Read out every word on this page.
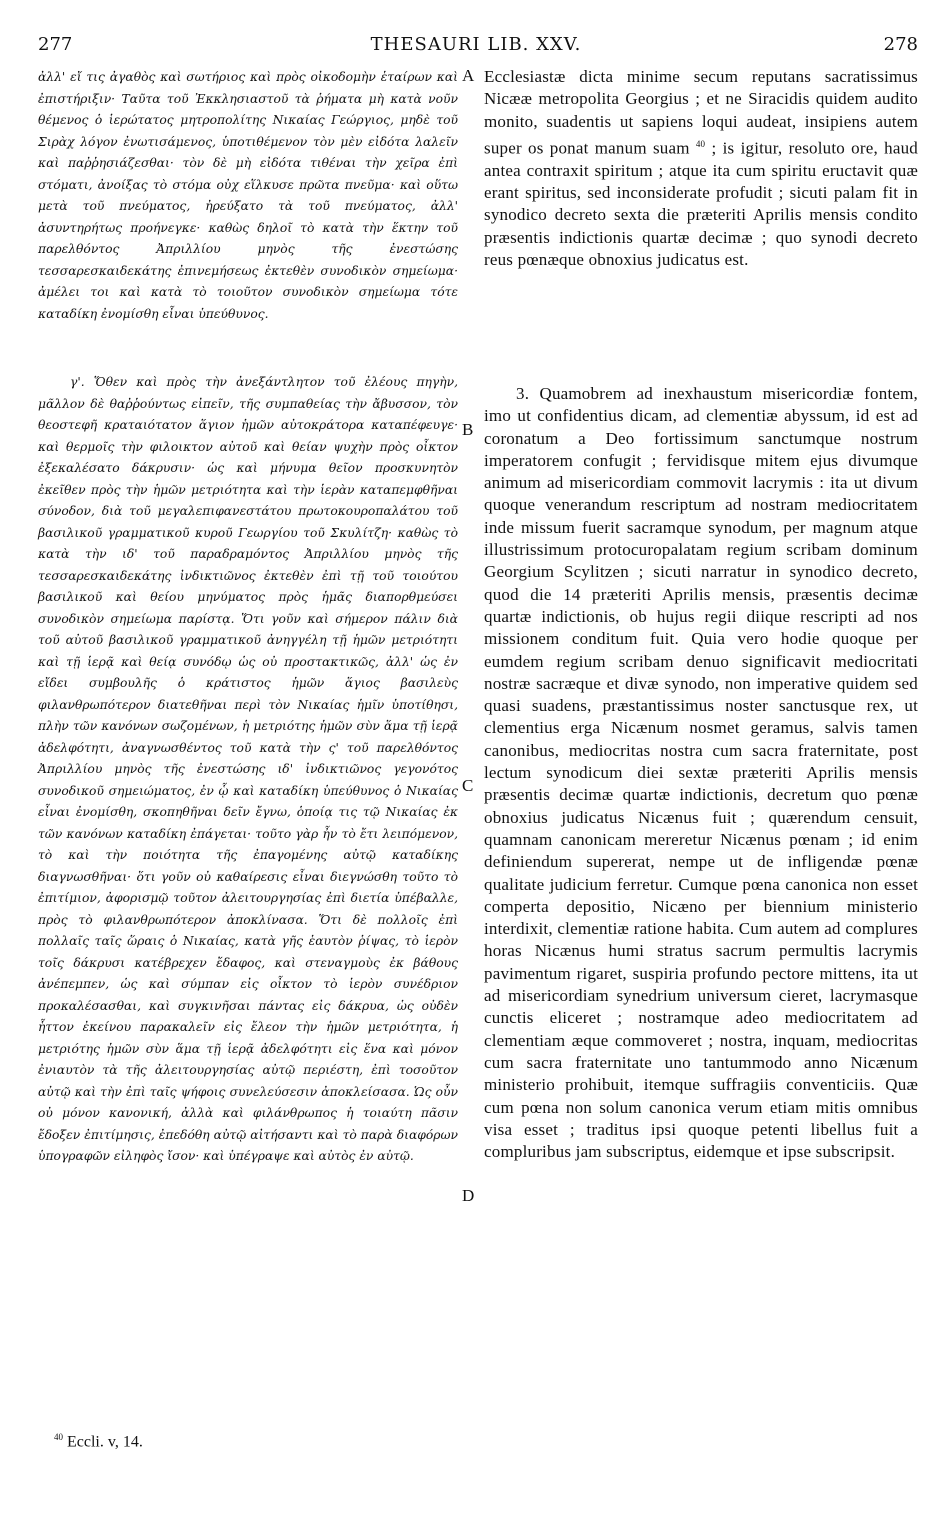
277	THESAURI LIB. XXV.	278
ἀλλ' εἴ τις ἀγαθὸς καὶ σωτήριος καὶ πρὸς οἰκοδομὴν ἑταίρων καὶ ἐπιστήριξιν· Ταῦτα τοῦ Ἐκκλησιαστοῦ τὰ ῥήματα μὴ κατὰ νοῦν θέμενος ὁ ἱερώτατος μητροπολίτης Νικαίας Γεώργιος, μηδὲ τοῦ Σιρὰχ λόγον ἐνωτισάμενος, ὑποτιθέμενον τὸν μὲν εἰδότα λαλεῖν καὶ παῤῥησιάζεσθαι· τὸν δὲ μὴ εἰδότα τιθέναι τὴν χεῖρα ἐπὶ στόματι, ἀνοίξας τὸ στόμα οὐχ εἵλκυσε πρῶτα πνεῦμα· καὶ οὕτω μετὰ τοῦ πνεύματος, ἠρεύξατο τὰ τοῦ πνεύματος, ἀλλ' ἀσυντηρήτως προήνεγκε· καθὼς δηλοῖ τὸ κατὰ τὴν ἕκτην τοῦ παρελθόντος Ἀπριλλίου μηνὸς τῆς ἐνεστώσης τεσσαρεσκαιδεκάτης ἐπινεμήσεως ἐκτεθὲν συνοδικὸν σημείωμα· ἀμέλει τοι καὶ κατὰ τὸ τοιοῦτον συνοδικὸν σημείωμα τότε καταδίκη ἐνομίσθη εἶναι ὑπεύθυνος.
γ'. Ὅθεν καὶ πρὸς τὴν ἀνεξάντλητον τοῦ ἐλέους πηγὴν, μᾶλλον δὲ θαῤῥούντως εἰπεῖν, τῆς συμπαθείας τὴν ἄβυσσον, τὸν θεοστεφῆ κραταιότατον ἅγιον ἡμῶν αὐτοκράτορα καταπέφευγε· καὶ θερμοῖς τὴν φιλοικτον αὐτοῦ καὶ θείαν ψυχὴν πρὸς οἶκτον ἐξεκαλέσατο δάκρυσιν· ὡς καὶ μήνυμα θεῖον προσκυνητὸν ἐκεῖθεν πρὸς τὴν ἡμῶν μετριότητα καὶ τὴν ἱερὰν καταπεμφθῆναι σύνοδον, διὰ τοῦ μεγαλεπιφανεστάτου πρωτοκουροπαλάτου τοῦ βασιλικοῦ γραμματικοῦ κυροῦ Γεωργίου τοῦ Σκυλίτζη· καθὼς τὸ κατὰ τὴν ιδ' τοῦ παραδραμόντος Ἀπριλλίου μηνὸς τῆς τεσσαρεσκαιδεκάτης ἰνδικτιῶνος ἐκτεθὲν ἐπὶ τῇ τοῦ τοιούτου βασιλικοῦ καὶ θείου μηνύματος πρὸς ἡμᾶς διαπορθμεύσει συνοδικὸν σημείωμα παρίστᾳ. Ὅτι γοῦν καὶ σήμερον πάλιν διὰ τοῦ αὐτοῦ βασιλικοῦ γραμματικοῦ ἀνηγγέλη τῇ ἡμῶν μετριότητι καὶ τῇ ἱερᾷ καὶ θείᾳ συνόδῳ ὡς οὐ προστακτικῶς, ἀλλ' ὡς ἐν εἴδει συμβουλῆς ὁ κράτιστος ἡμῶν ἅγιος βασιλεὺς φιλανθρωπότερον διατεθῆναι περὶ τὸν Νικαίας ἡμῖν ὑποτίθησι, πλὴν τῶν κανόνων σωζομένων, ἡ μετριότης ἡμῶν σὺν ἅμα τῇ ἱερᾷ ἀδελφότητι, ἀναγνωσθέντος τοῦ κατὰ τὴν ς' τοῦ παρελθόντος Ἀπριλλίου μηνὸς τῆς ἐνεστώσης ιδ' ἰνδικτιῶνος γεγονότος συνοδικοῦ σημειώματος, ἐν ᾧ καὶ καταδίκη ὑπεύθυνος ὁ Νικαίας εἶναι ἐνομίσθη, σκοπηθῆναι δεῖν ἔγνω, ὁποίᾳ τις τῷ Νικαίας ἐκ τῶν κανόνων καταδίκη ἐπάγεται· τοῦτο γὰρ ἦν τὸ ἔτι λειπόμενον, τὸ καὶ τὴν ποιότητα τῆς ἐπαγομένης αὐτῷ καταδίκης διαγνωσθῆναι· ὅτι γοῦν οὐ καθαίρεσις εἶναι διεγνώσθη τοῦτο τὸ ἐπιτίμιον, ἀφορισμῷ τοῦτον ἀλειτουργησίας ἐπὶ διετία ὑπέβαλλε, πρὸς τὸ φιλανθρωπότερον ἀποκλίνασα. Ὅτι δὲ πολλοῖς ἐπὶ πολλαῖς ταῖς ὥραις ὁ Νικαίας, κατὰ γῆς ἑαυτὸν ῥίψας, τὸ ἱερὸν τοῖς δάκρυσι κατέβρεχεν ἔδαφος, καὶ στεναγμοὺς ἐκ βάθους ἀνέπεμπεν, ὡς καὶ σύμπαν εἰς οἶκτον τὸ ἱερὸν συνέδριον προκαλέσασθαι, καὶ συγκινῆσαι πάντας εἰς δάκρυα, ὡς οὐδὲν ἧττον ἐκείνου παρακαλεῖν εἰς ἔλεον τὴν ἡμῶν μετριότητα, ἡ μετριότης ἡμῶν σὺν ἅμα τῇ ἱερᾷ ἀδελφότητι εἰς ἕνα καὶ μόνον ἐνιαυτὸν τὰ τῆς ἀλειτουργησίας αὐτῷ περιέστη, ἐπὶ τοσοῦτον αὐτῷ καὶ τὴν ἐπὶ ταῖς ψήφοις συνελεύσεσιν ἀποκλείσασα. Ὡς οὖν οὐ μόνον κανονική, ἀλλὰ καὶ φιλάνθρωπος ἡ τοιαύτη πᾶσιν ἔδοξεν ἐπιτίμησις, ἐπεδόθη αὐτῷ αἰτήσαντι καὶ τὸ παρὰ διαφόρων ὑπογραφῶν εἰληφὸς ἴσον· καὶ ὑπέγραψε καὶ αὐτὸς ἐν αὐτῷ.
Ecclesiastæ dicta minime secum reputans sacratissimus Nicææ metropolita Georgius ; et ne Siracidis quidem audito monito, suadentis ut sapiens loqui audeat, insipiens autem super os ponat manum suam $^{40}$ ; is igitur, resoluto ore, haud antea contraxit spiritum ; atque ita cum spiritu eructavit quæ erant spiritus, sed inconsiderate profudit ; sicuti palam fit in synodico decreto sexta die præteriti Aprilis mensis condito præsentis indictionis quartæ decimæ ; quo synodi decreto reus pœnæque obnoxius judicatus est.
3. Quamobrem ad inexhaustum misericordiæ fontem, imo ut confidentius dicam, ad clementiæ abyssum, id est ad coronatum a Deo fortissimum sanctumque nostrum imperatorem confugit ; fervidisque mitem ejus divumque animum ad misericordiam commovit lacrymis : ita ut divum quoque venerandum rescriptum ad nostram mediocritatem inde missum fuerit sacramque synodum, per magnum atque illustrissimum protocuropalatam regium scribam dominum Georgium Scylitzen ; sicuti narratur in synodico decreto, quod die 14 præteriti Aprilis mensis, præsentis decimæ quartæ indictionis, ob hujus regii diique rescripti ad nos missionem conditum fuit. Quia vero hodie quoque per eumdem regium scribam denuo significavit mediocritati nostræ sacræque et divæ synodo, non imperative quidem sed quasi suadens, præstantissimus noster sanctusque rex, ut clementius erga Nicænum nosmet geramus, salvis tamen canonibus, mediocritas nostra cum sacra fraternitate, post lectum synodicum diei sextæ præteriti Aprilis mensis præsentis decimæ quartæ indictionis, decretum quo pœnæ obnoxius judicatus Nicænus fuit ; quærendum censuit, quamnam canonicam mereretur Nicænus pœnam ; id enim definiendum supererat, nempe ut de infligendæ pœnæ qualitate judicium ferretur. Cumque pœna canonica non esset comperta depositio, Nicæno per biennium ministerio interdixit, clementiæ ratione habita. Cum autem ad complures horas Nicænus humi stratus sacrum permultis lacrymis pavimentum rigaret, suspiria profundo pectore mittens, ita ut ad misericordiam synedrium universum cieret, lacrymasque cunctis eliceret ; nostramque adeo mediocritatem ad clementiam æque commoveret ; nostra, inquam, mediocritas cum sacra fraternitate uno tantummodo anno Nicænum ministerio prohibuit, itemque suffragiis conventiciis. Quæ cum pœna non solum canonica verum etiam mitis omnibus visa esset ; traditus ipsi quoque petenti libellus fuit a compluribus jam subscriptus, eidemque et ipse subscripsit.
A
B
C
D
$^{40}$ Eccli. v, 14.
